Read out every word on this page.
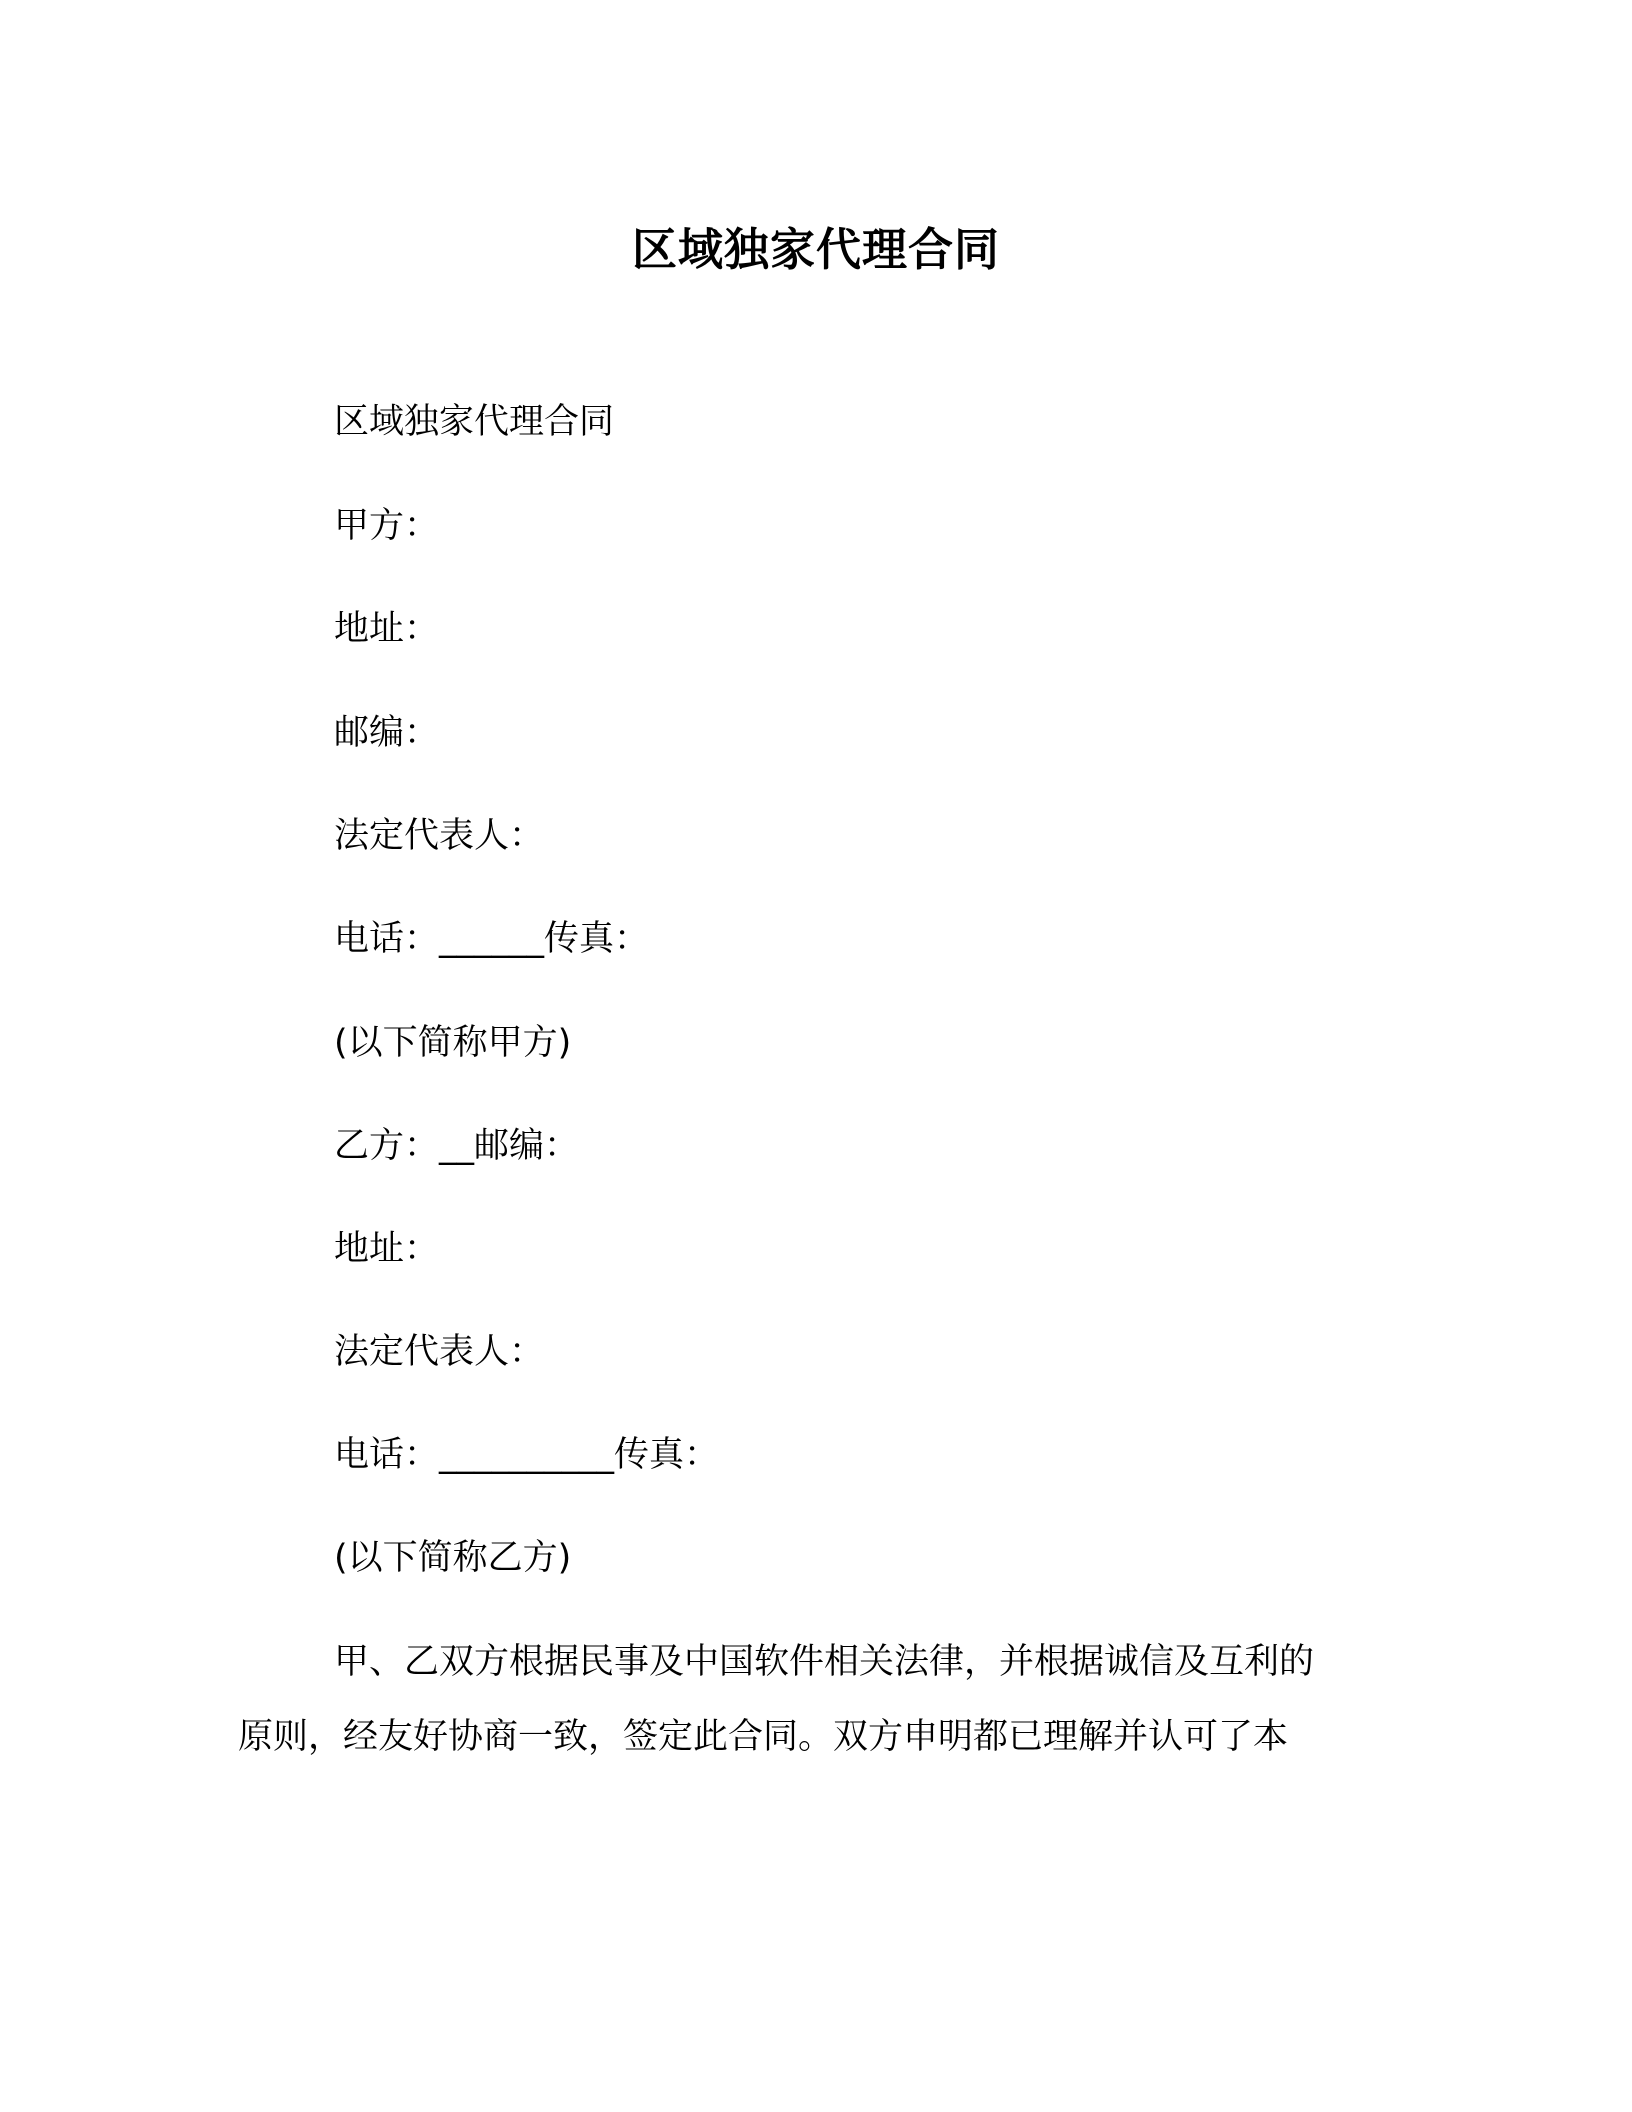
区域独家代理合同
区域独家代理合同
甲方：
地址：
邮编：
法定代表人：
电话：______传真：
(以下简称甲方)
乙方：__邮编：
地址：
法定代表人：
电话：__________传真：
(以下简称乙方)
甲、乙双方根据民事及中国软件相关法律，并根据诚信及互利的
原则，经友好协商一致，签定此合同。双方申明都已理解并认可了本
